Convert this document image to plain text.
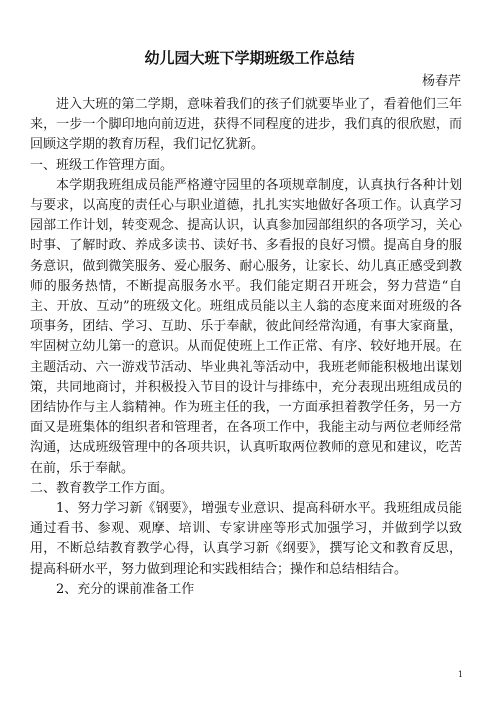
幼儿园大班下学期班级工作总结

杨春芹

进入大班的第二学期，意味着我们的孩子们就要毕业了，看着他们三年来，一步一个脚印地向前迈进，获得不同程度的进步，我们真的很欣慰，而回顾这学期的教育历程，我们记忆犹新。

一、班级工作管理方面。

本学期我班组成员能严格遵守园里的各项规章制度，认真执行各种计划与要求，以高度的责任心与职业道德，扎扎实实地做好各项工作。认真学习园部工作计划，转变观念、提高认识，认真参加园部组织的各项学习，关心时事、了解时政、养成多读书、读好书、多看报的良好习惯。提高自身的服务意识，做到微笑服务、爱心服务、耐心服务，让家长、幼儿真正感受到教师的服务热情，不断提高服务水平。我们能定期召开班会，努力营造“自主、开放、互动”的班级文化。班组成员能以主人翁的态度来面对班级的各项事务，团结、学习、互助、乐于奉献，彼此间经常沟通，有事大家商量，牢固树立幼儿第一的意识。从而促使班上工作正常、有序、较好地开展。在主题活动、六一游戏节活动、毕业典礼等活动中，我班老师能积极地出谋划策，共同地商讨，并积极投入节目的设计与排练中，充分表现出班组成员的团结协作与主人翁精神。作为班主任的我，一方面承担着教学任务，另一方面又是班集体的组织者和管理者，在各项工作中，我能主动与两位老师经常沟通，达成班级管理中的各项共识，认真听取两位教师的意见和建议，吃苦在前，乐于奉献。

二、教育教学工作方面。

1、努力学习新《钢要》，增强专业意识、提高科研水平。我班组成员能通过看书、参观、观摩、培训、专家讲座等形式加强学习，并做到学以致用，不断总结教育教学心得，认真学习新《纲要》，撰写论文和教育反思，提高科研水平，努力做到理论和实践相结合；操作和总结相结合。

2、充分的课前准备工作

1
